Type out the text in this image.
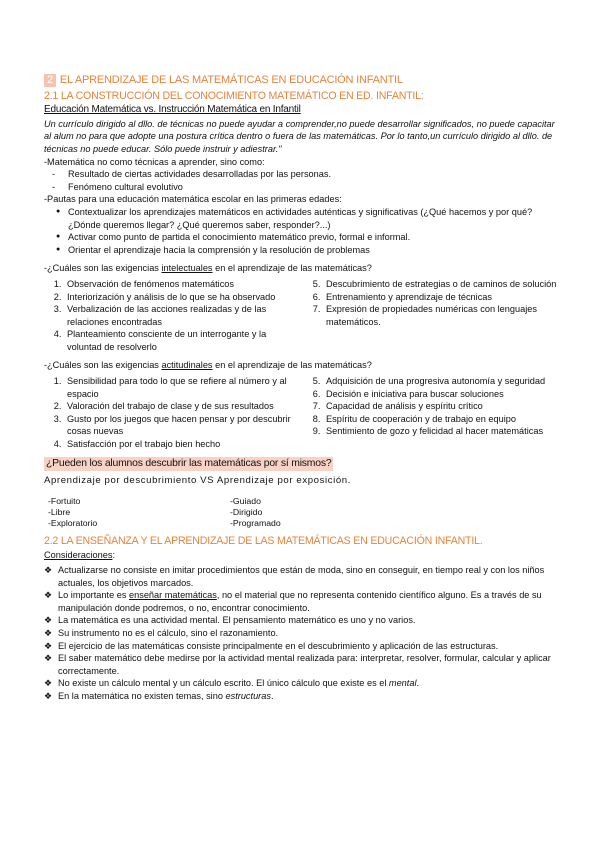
2 EL APRENDIZAJE DE LAS MATEMÁTICAS EN EDUCACIÓN INFANTIL
2.1 LA CONSTRUCCIÓN DEL CONOCIMIENTO MATEMÁTICO EN ED. INFANTIL:
Educación Matemática vs. Instrucción Matemática en Infantil

Un currículo dirigido al dllo. de técnicas no puede ayudar a comprender,no puede desarrollar significados, no puede capacitar al alum no para que adopte una postura crítica dentro o fuera de las matemáticas. Por lo tanto,un currículo dirigido al dllo. de técnicas no puede educar. Sólo puede instruir y adiestrar."

-Matemática no como técnicas a aprender, sino como:

- Resultado de ciertas actividades desarrolladas por las personas.
- Fenómeno cultural evolutivo

-Pautas para una educación matemática escolar en las primeras edades:

● Contextualizar los aprendizajes matemáticos en actividades auténticas y significativas (¿Qué hacemos y por qué? ¿Dónde queremos llegar? ¿Qué queremos saber, responder?...)
● Activar como punto de partida el conocimiento matemático previo, formal e informal.
● Orientar el aprendizaje hacia la comprensión y la resolución de problemas

-¿Cuáles son las exigencias intelectuales en el aprendizaje de las matemáticas?

1. Observación de fenómenos matemáticos
2. Interiorización y análisis de lo que se ha observado
3. Verbalización de las acciones realizadas y de las relaciones encontradas
4. Planteamiento consciente de un interrogante y la voluntad de resolverlo
5. Descubrimiento de estrategias o de caminos de solución
6. Entrenamiento y aprendizaje de técnicas
7. Expresión de propiedades numéricas con lenguajes matemáticos.

-¿Cuáles son las exigencias actitudinales en el aprendizaje de las matemáticas?

1. Sensibilidad para todo lo que se refiere al número y al espacio
2. Valoración del trabajo de clase y de sus resultados
3. Gusto por los juegos que hacen pensar y por descubrir cosas nuevas
4. Satisfacción por el trabajo bien hecho
5. Adquisición de una progresiva autonomía y seguridad
6. Decisión e iniciativa para buscar soluciones
7. Capacidad de análisis y espíritu crítico
8. Espíritu de cooperación y de trabajo en equipo
9. Sentimiento de gozo y felicidad al hacer matemáticas
¿Pueden los alumnos descubrir las matemáticas por sí mismos?

Aprendizaje por descubrimiento VS Aprendizaje por exposición.

-Fortuito
-Libre
-Exploratorio
-Guiado
-Dirigido
-Programado
2.2 LA ENSEÑANZA Y EL APRENDIZAJE DE LAS MATEMÁTICAS EN EDUCACIÓN INFANTIL.

Consideraciones:

❖ Actualizarse no consiste en imitar procedimientos que están de moda, sino en conseguir, en tiempo real y con los niños actuales, los objetivos marcados.
❖ Lo importante es enseñar matemáticas, no el material que no representa contenido científico alguno. Es a través de su manipulación donde podremos, o no, encontrar conocimiento.
❖ La matemática es una actividad mental. El pensamiento matemático es uno y no varios.
❖ Su instrumento no es el cálculo, sino el razonamiento.
❖ El ejercicio de las matemáticas consiste principalmente en el descubrimiento y aplicación de las estructuras.
❖ El saber matemático debe medirse por la actividad mental realizada para: interpretar, resolver, formular, calcular y aplicar correctamente.
❖ No existe un cálculo mental y un cálculo escrito. El único cálculo que existe es el mental.
❖ En la matemática no existen temas, sino estructuras.
